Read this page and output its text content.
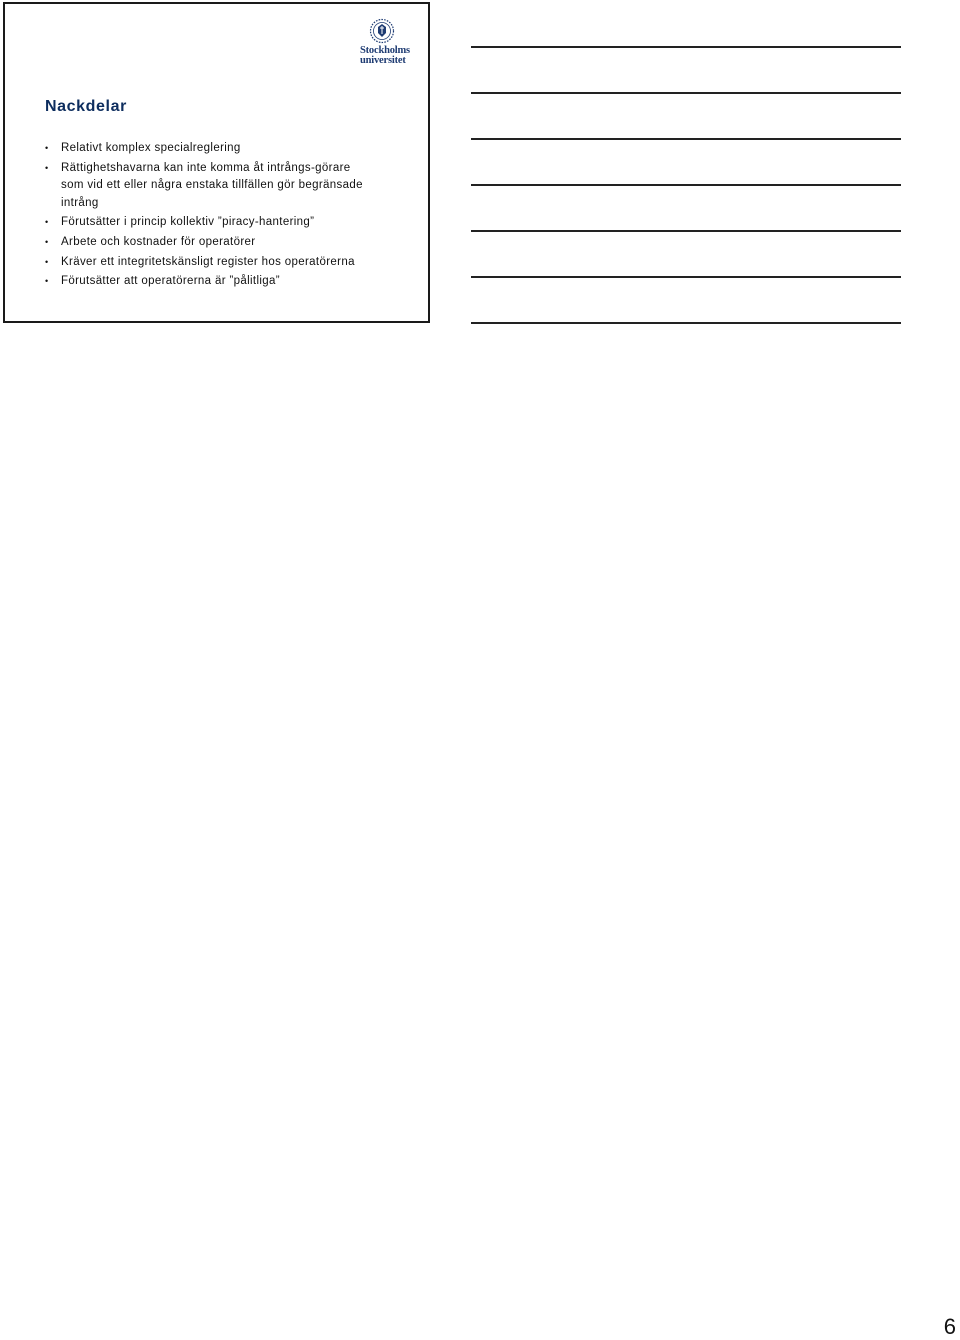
Stockholms
universitet
Nackdelar
• Relativt komplex specialreglering
• Rättighetshavarna kan inte komma åt intrångs-görare som vid ett eller några enstaka tillfällen gör begränsade intrång
• Förutsätter i princip kollektiv ”piracy-hantering”
• Arbete och kostnader för operatörer
• Kräver ett integritetskänsligt register hos operatörerna
• Förutsätter att operatörerna är ”pålitliga”
6
